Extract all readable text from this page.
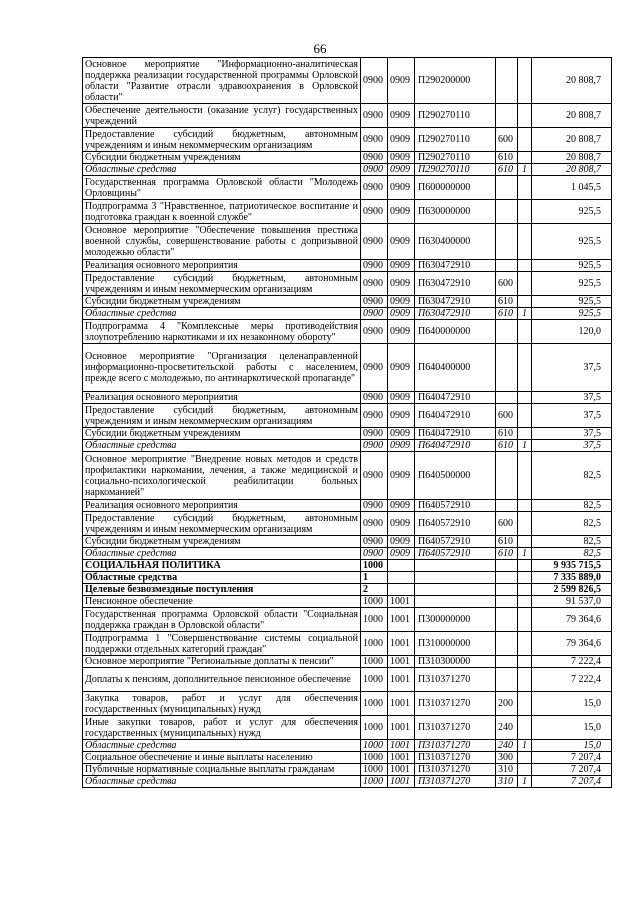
66
Основное мероприятие "Информационно-аналитическая поддержка реализации государственной программы Орловской области "Развитие отрасли здравоохранения в Орловской области"	0900	0909	П290200000			20 808,7
Обеспечение деятельности (оказание услуг) государственных учреждений	0900	0909	П290270110			20 808,7
Предоставление субсидий бюджетным, автономным учреждениям и иным некоммерческим организациям	0900	0909	П290270110	600		20 808,7
Субсидии бюджетным учреждениям	0900	0909	П290270110	610		20 808,7
Областные средства	0900	0909	П290270110	610	1	20 808,7
Государственная программа Орловской области "Молодежь Орловщины"	0900	0909	П600000000			1 045,5
Подпрограмма 3 "Нравственное, патриотическое воспитание и подготовка граждан к военной службе"	0900	0909	П630000000			925,5
Основное мероприятие "Обеспечение повышения престижа военной службы, совершенствование работы с допризывной молодежью области"	0900	0909	П630400000			925,5
Реализация основного мероприятия	0900	0909	П630472910			925,5
Предоставление субсидий бюджетным, автономным учреждениям и иным некоммерческим организациям	0900	0909	П630472910	600		925,5
Субсидии бюджетным учреждениям	0900	0909	П630472910	610		925,5
Областные средства	0900	0909	П630472910	610	1	925,5
Подпрограмма 4 "Комплексные меры противодействия злоупотреблению наркотиками и их незаконному обороту"	0900	0909	П640000000			120,0
Основное мероприятие "Организация целенаправленной информационно-просветительской работы с населением, прежде всего с молодежью, по антинаркотической пропаганде"	0900	0909	П640400000			37,5
Реализация основного мероприятия	0900	0909	П640472910			37,5
Предоставление субсидий бюджетным, автономным учреждениям и иным некоммерческим организациям	0900	0909	П640472910	600		37,5
Субсидии бюджетным учреждениям	0900	0909	П640472910	610		37,5
Областные средства	0900	0909	П640472910	610	1	37,5
Основное мероприятие "Внедрение новых методов и средств профилактики наркомании, лечения, а также медицинской и социально-психологической реабилитации больных наркоманией"	0900	0909	П640500000			82,5
Реализация основного мероприятия	0900	0909	П640572910			82,5
Предоставление субсидий бюджетным, автономным учреждениям и иным некоммерческим организациям	0900	0909	П640572910	600		82,5
Субсидии бюджетным учреждениям	0900	0909	П640572910	610		82,5
Областные средства	0900	0909	П640572910	610	1	82,5
СОЦИАЛЬНАЯ ПОЛИТИКА	1000					9 935 715,5
Областные средства	1					7 335 889,0
Целевые безвозмездные поступления	2					2 599 826,5
Пенсионное обеспечение	1000	1001				91 537,0
Государственная программа Орловской области "Социальная поддержка граждан в Орловской области"	1000	1001	П300000000			79 364,6
Подпрограмма 1 "Совершенствование системы социальной поддержки отдельных категорий граждан"	1000	1001	П310000000			79 364,6
Основное мероприятие "Региональные доплаты к пенсии"	1000	1001	П310300000			7 222,4
Доплаты к пенсиям, дополнительное пенсионное обеспечение	1000	1001	П310371270			7 222,4
Закупка товаров, работ и услуг для обеспечения государственных (муниципальных) нужд	1000	1001	П310371270	200		15,0
Иные закупки товаров, работ и услуг для обеспечения государственных (муниципальных) нужд	1000	1001	П310371270	240		15,0
Областные средства	1000	1001	П310371270	240	1	15,0
Социальное обеспечение и иные выплаты населению	1000	1001	П310371270	300		7 207,4
Публичные нормативные социальные выплаты гражданам	1000	1001	П310371270	310		7 207,4
Областные средства	1000	1001	П310371270	310	1	7 207,4
